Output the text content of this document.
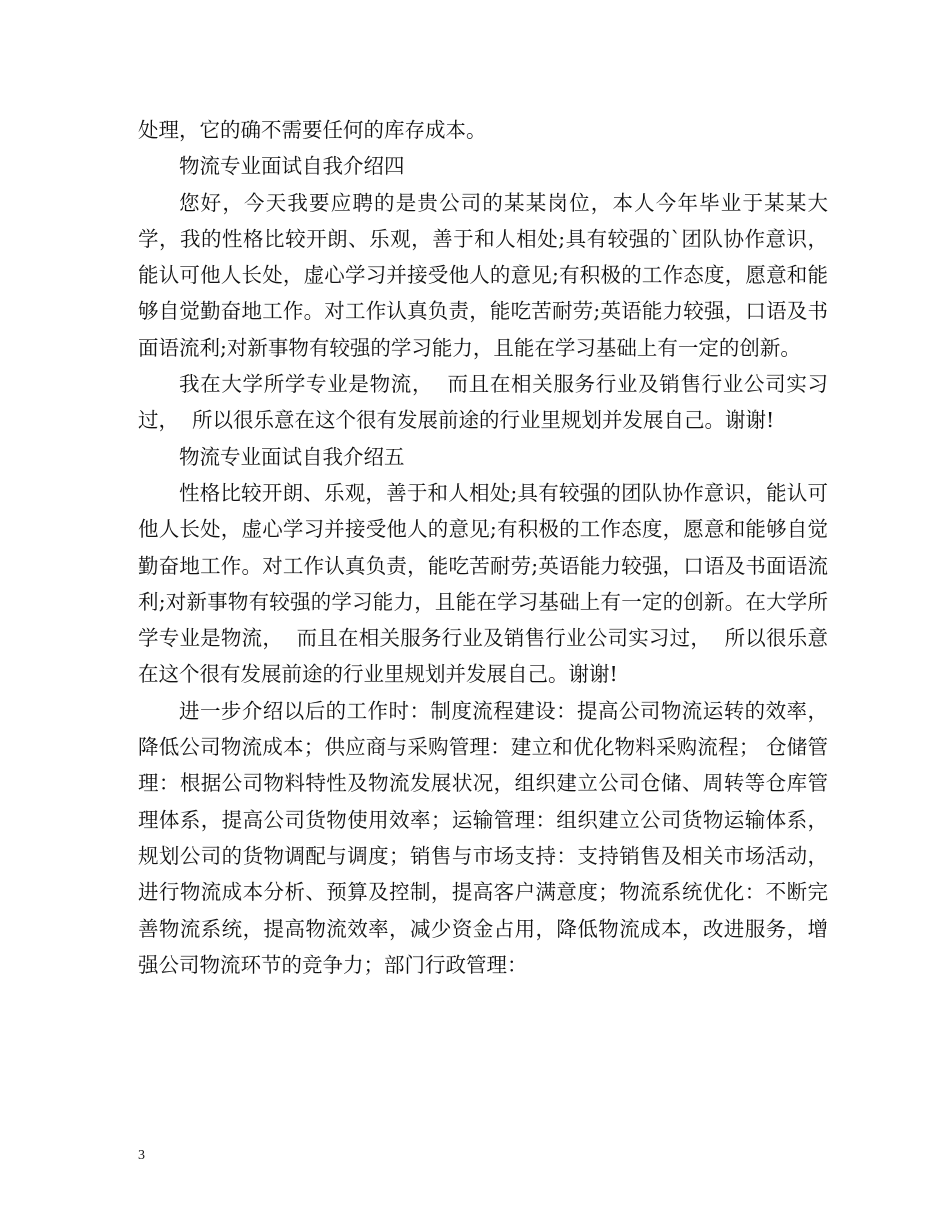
处理，它的确不需要任何的库存成本。

物流专业面试自我介绍四

您好，今天我要应聘的是贵公司的某某岗位，本人今年毕业于某某大学，我的性格比较开朗、乐观，善于和人相处;具有较强的`团队协作意识，能认可他人长处，虚心学习并接受他人的意见;有积极的工作态度，愿意和能够自觉勤奋地工作。对工作认真负责，能吃苦耐劳;英语能力较强，口语及书面语流利;对新事物有较强的学习能力，且能在学习基础上有一定的创新。

我在大学所学专业是物流，  而且在相关服务行业及销售行业公司实习过，  所以很乐意在这个很有发展前途的行业里规划并发展自己。谢谢!

物流专业面试自我介绍五

性格比较开朗、乐观，善于和人相处;具有较强的团队协作意识，能认可他人长处，虚心学习并接受他人的意见;有积极的工作态度，愿意和能够自觉勤奋地工作。对工作认真负责，能吃苦耐劳;英语能力较强，口语及书面语流利;对新事物有较强的学习能力，且能在学习基础上有一定的创新。在大学所学专业是物流，  而且在相关服务行业及销售行业公司实习过，  所以很乐意在这个很有发展前途的行业里规划并发展自己。谢谢!

进一步介绍以后的工作时：制度流程建设：提高公司物流运转的效率，降低公司物流成本；供应商与采购管理：建立和优化物料采购流程； 仓储管理：根据公司物料特性及物流发展状况，组织建立公司仓储、周转等仓库管理体系，提高公司货物使用效率；运输管理：组织建立公司货物运输体系，规划公司的货物调配与调度；销售与市场支持：支持销售及相关市场活动，进行物流成本分析、预算及控制，提高客户满意度；物流系统优化：不断完善物流系统，提高物流效率，减少资金占用，降低物流成本，改进服务，增强公司物流环节的竞争力；部门行政管理：

3
